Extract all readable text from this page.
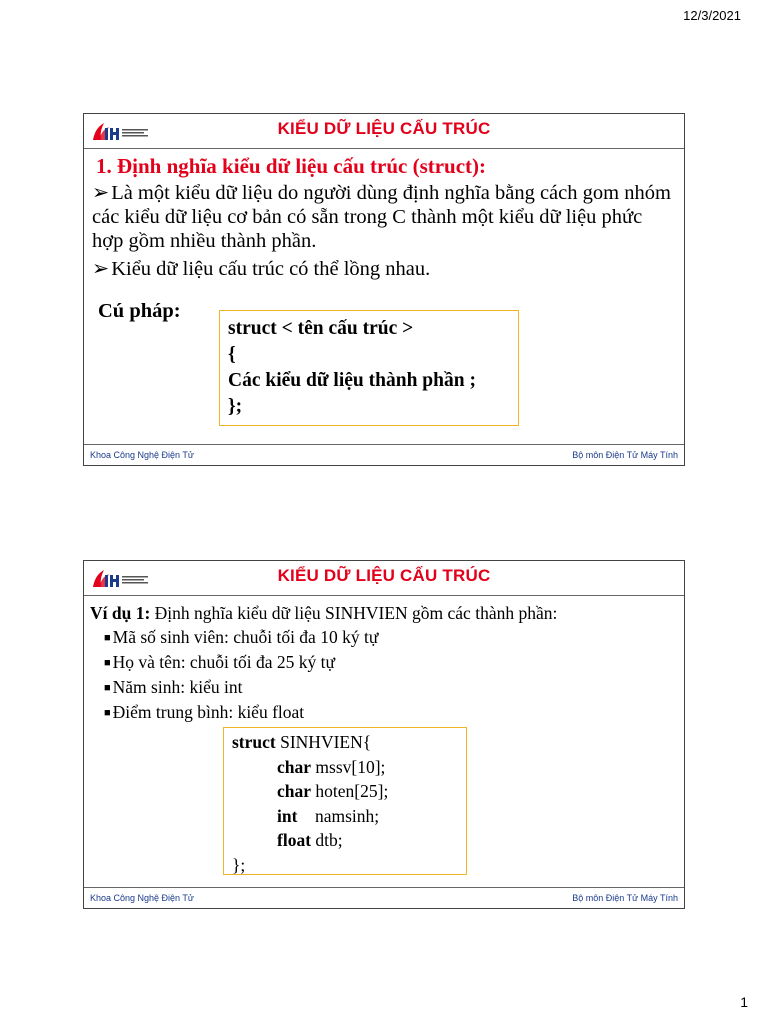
12/3/2021
KIỂU DỮ LIỆU CẤU TRÚC
1. Định nghĩa kiểu dữ liệu cấu trúc (struct):

➢Là một kiểu dữ liệu do người dùng định nghĩa bằng cách gom nhóm các kiểu dữ liệu cơ bản có sẵn trong C thành một kiểu dữ liệu phức hợp gồm nhiều thành phần.

➢Kiểu dữ liệu cấu trúc có thể lồng nhau.

Cú pháp:
struct < tên cấu trúc >
{
Các kiểu dữ liệu thành phần ;
};
Khoa Công Nghệ Điện Tử	Bộ môn Điện Tử Máy Tính
KIỂU DỮ LIỆU CẤU TRÚC

Ví dụ 1: Định nghĩa kiểu dữ liệu SINHVIEN gồm các thành phần:

■ Mã số sinh viên: chuỗi tối đa 10 ký tự

■ Họ và tên: chuỗi tối đa 25 ký tự

■ Năm sinh: kiểu int

■ Điểm trung bình: kiểu float

struct SINHVIEN{
char mssv[10];
char hoten[25];
int    namsinh;
float dtb;
};
Khoa Công Nghệ Điện Tử	Bộ môn Điện Tử Máy Tính
1
